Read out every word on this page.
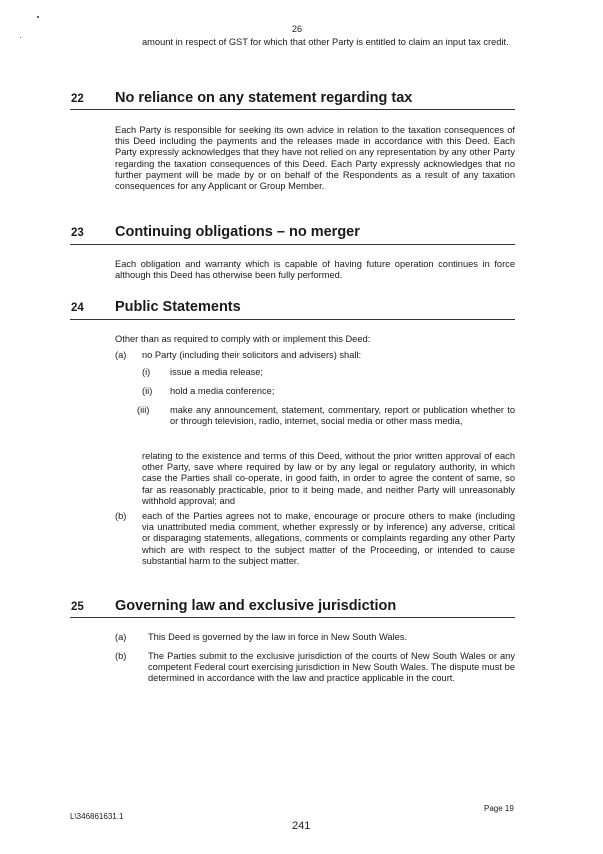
26
amount in respect of GST for which that other Party is entitled to claim an input tax credit.
22 No reliance on any statement regarding tax
Each Party is responsible for seeking its own advice in relation to the taxation consequences of this Deed including the payments and the releases made in accordance with this Deed. Each Party expressly acknowledges that they have not relied on any representation by any other Party regarding the taxation consequences of this Deed. Each Party expressly acknowledges that no further payment will be made by or on behalf of the Respondents as a result of any taxation consequences for any Applicant or Group Member.
23 Continuing obligations – no merger
Each obligation and warranty which is capable of having future operation continues in force although this Deed has otherwise been fully performed.
24 Public Statements
Other than as required to comply with or implement this Deed:
(a) no Party (including their solicitors and advisers) shall:
(i) issue a media release;
(ii) hold a media conference;
(iii) make any announcement, statement, commentary, report or publication whether to or through television, radio, internet, social media or other mass media,
relating to the existence and terms of this Deed, without the prior written approval of each other Party, save where required by law or by any legal or regulatory authority, in which case the Parties shall co-operate, in good faith, in order to agree the content of same, so far as reasonably practicable, prior to it being made, and neither Party will unreasonably withhold approval; and
(b) each of the Parties agrees not to make, encourage or procure others to make (including via unattributed media comment, whether expressly or by inference) any adverse, critical or disparaging statements, allegations, comments or complaints regarding any other Party which are with respect to the subject matter of the Proceeding, or intended to cause substantial harm to the subject matter.
25 Governing law and exclusive jurisdiction
(a) This Deed is governed by the law in force in New South Wales.
(b) The Parties submit to the exclusive jurisdiction of the courts of New South Wales or any competent Federal court exercising jurisdiction in New South Wales. The dispute must be determined in accordance with the law and practice applicable in the court.
Page 19
L\346861631.1
241
